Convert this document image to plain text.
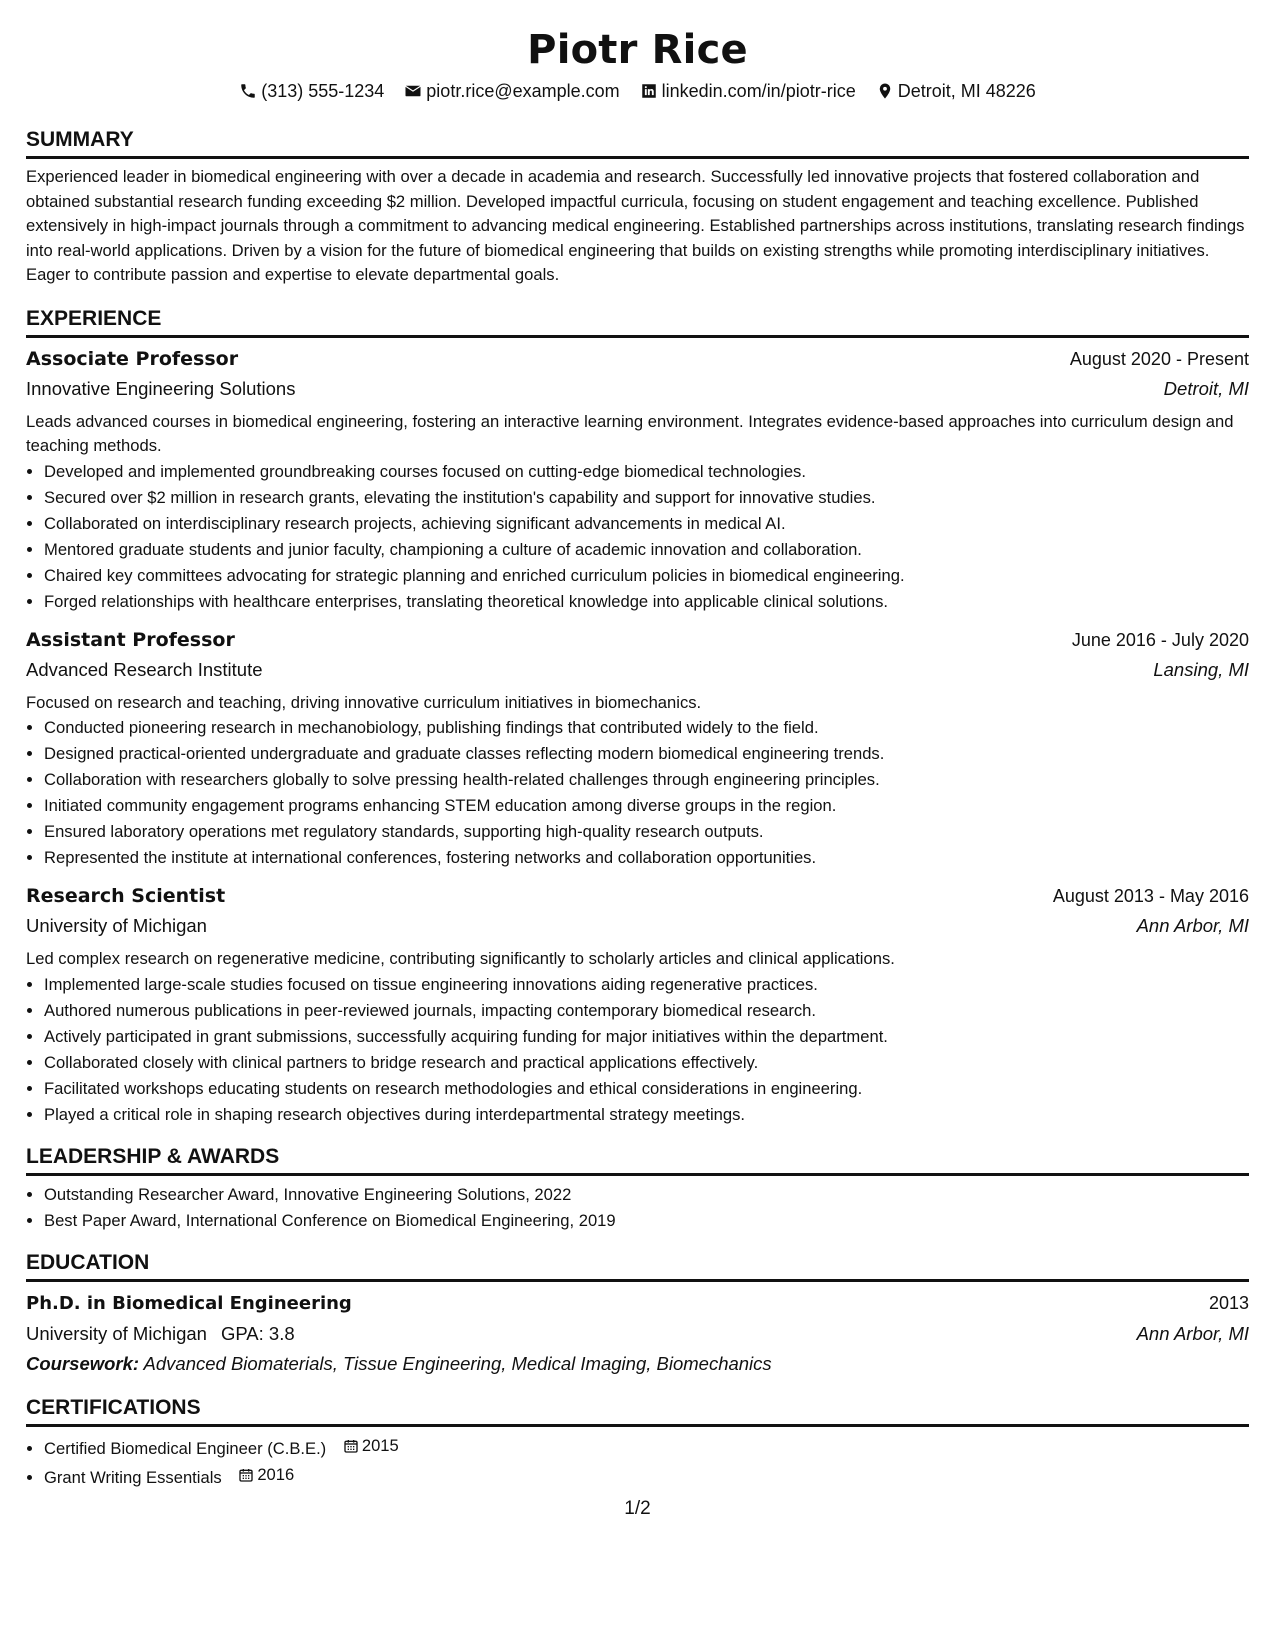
Piotr Rice
(313) 555-1234 piotr.rice@example.com linkedin.com/in/piotr-rice Detroit, MI 48226
SUMMARY
Experienced leader in biomedical engineering with over a decade in academia and research. Successfully led innovative projects that fostered collaboration and obtained substantial research funding exceeding $2 million. Developed impactful curricula, focusing on student engagement and teaching excellence. Published extensively in high-impact journals through a commitment to advancing medical engineering. Established partnerships across institutions, translating research findings into real-world applications. Driven by a vision for the future of biomedical engineering that builds on existing strengths while promoting interdisciplinary initiatives. Eager to contribute passion and expertise to elevate departmental goals.
EXPERIENCE
Associate Professor	August 2020 - Present
Innovative Engineering Solutions	Detroit, MI
Leads advanced courses in biomedical engineering, fostering an interactive learning environment. Integrates evidence-based approaches into curriculum design and teaching methods.
• Developed and implemented groundbreaking courses focused on cutting-edge biomedical technologies.
• Secured over $2 million in research grants, elevating the institution's capability and support for innovative studies.
• Collaborated on interdisciplinary research projects, achieving significant advancements in medical AI.
• Mentored graduate students and junior faculty, championing a culture of academic innovation and collaboration.
• Chaired key committees advocating for strategic planning and enriched curriculum policies in biomedical engineering.
• Forged relationships with healthcare enterprises, translating theoretical knowledge into applicable clinical solutions.
Assistant Professor	June 2016 - July 2020
Advanced Research Institute	Lansing, MI
Focused on research and teaching, driving innovative curriculum initiatives in biomechanics.
• Conducted pioneering research in mechanobiology, publishing findings that contributed widely to the field.
• Designed practical-oriented undergraduate and graduate classes reflecting modern biomedical engineering trends.
• Collaboration with researchers globally to solve pressing health-related challenges through engineering principles.
• Initiated community engagement programs enhancing STEM education among diverse groups in the region.
• Ensured laboratory operations met regulatory standards, supporting high-quality research outputs.
• Represented the institute at international conferences, fostering networks and collaboration opportunities.
Research Scientist	August 2013 - May 2016
University of Michigan	Ann Arbor, MI
Led complex research on regenerative medicine, contributing significantly to scholarly articles and clinical applications.
• Implemented large-scale studies focused on tissue engineering innovations aiding regenerative practices.
• Authored numerous publications in peer-reviewed journals, impacting contemporary biomedical research.
• Actively participated in grant submissions, successfully acquiring funding for major initiatives within the department.
• Collaborated closely with clinical partners to bridge research and practical applications effectively.
• Facilitated workshops educating students on research methodologies and ethical considerations in engineering.
• Played a critical role in shaping research objectives during interdepartmental strategy meetings.
LEADERSHIP & AWARDS
• Outstanding Researcher Award, Innovative Engineering Solutions, 2022
• Best Paper Award, International Conference on Biomedical Engineering, 2019
EDUCATION
Ph.D. in Biomedical Engineering	2013
University of Michigan GPA: 3.8	Ann Arbor, MI
Coursework: Advanced Biomaterials, Tissue Engineering, Medical Imaging, Biomechanics
CERTIFICATIONS
• Certified Biomedical Engineer (C.B.E.) 2015
• Grant Writing Essentials 2016
1/2
